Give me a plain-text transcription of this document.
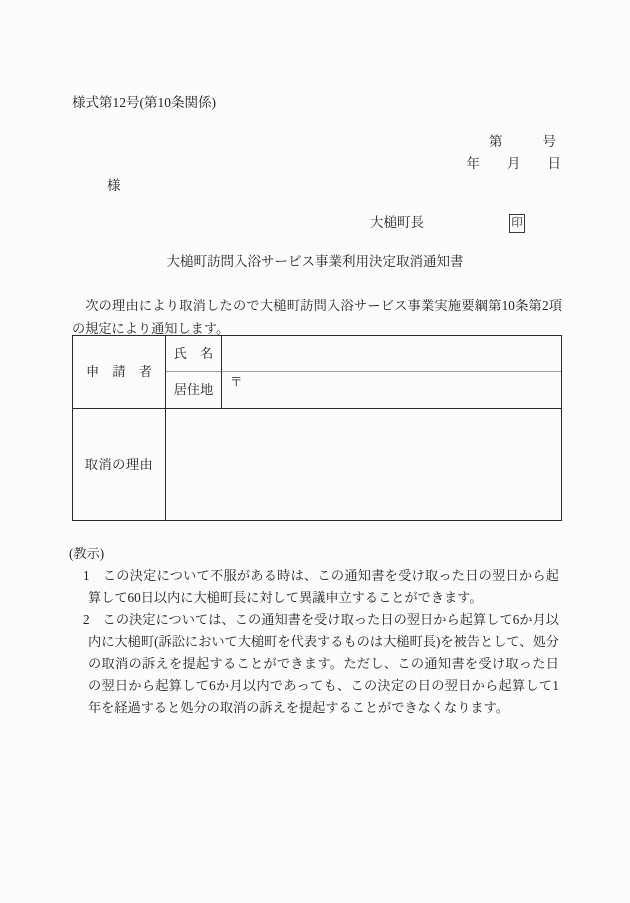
様式第12号(第10条関係)
第	号
年 月 日
様
大槌町長	印
大槌町訪問入浴サービス事業利用決定取消通知書

次の理由により取消したので大槌町訪問入浴サービス事業実施要綱第10条第2項の規定により通知します。

申　請　者
氏　名
居住地
〒
取消の理由
(教示)
1 この決定について不服がある時は、この通知書を受け取った日の翌日から起算して60日以内に大槌町長に対して異議申立することができます。
2 この決定については、この通知書を受け取った日の翌日から起算して6か月以内に大槌町(訴訟において大槌町を代表するものは大槌町長)を被告として、処分の取消の訴えを提起することができます。ただし、この通知書を受け取った日の翌日から起算して6か月以内であっても、この決定の日の翌日から起算して1年を経過すると処分の取消の訴えを提起することができなくなります。
